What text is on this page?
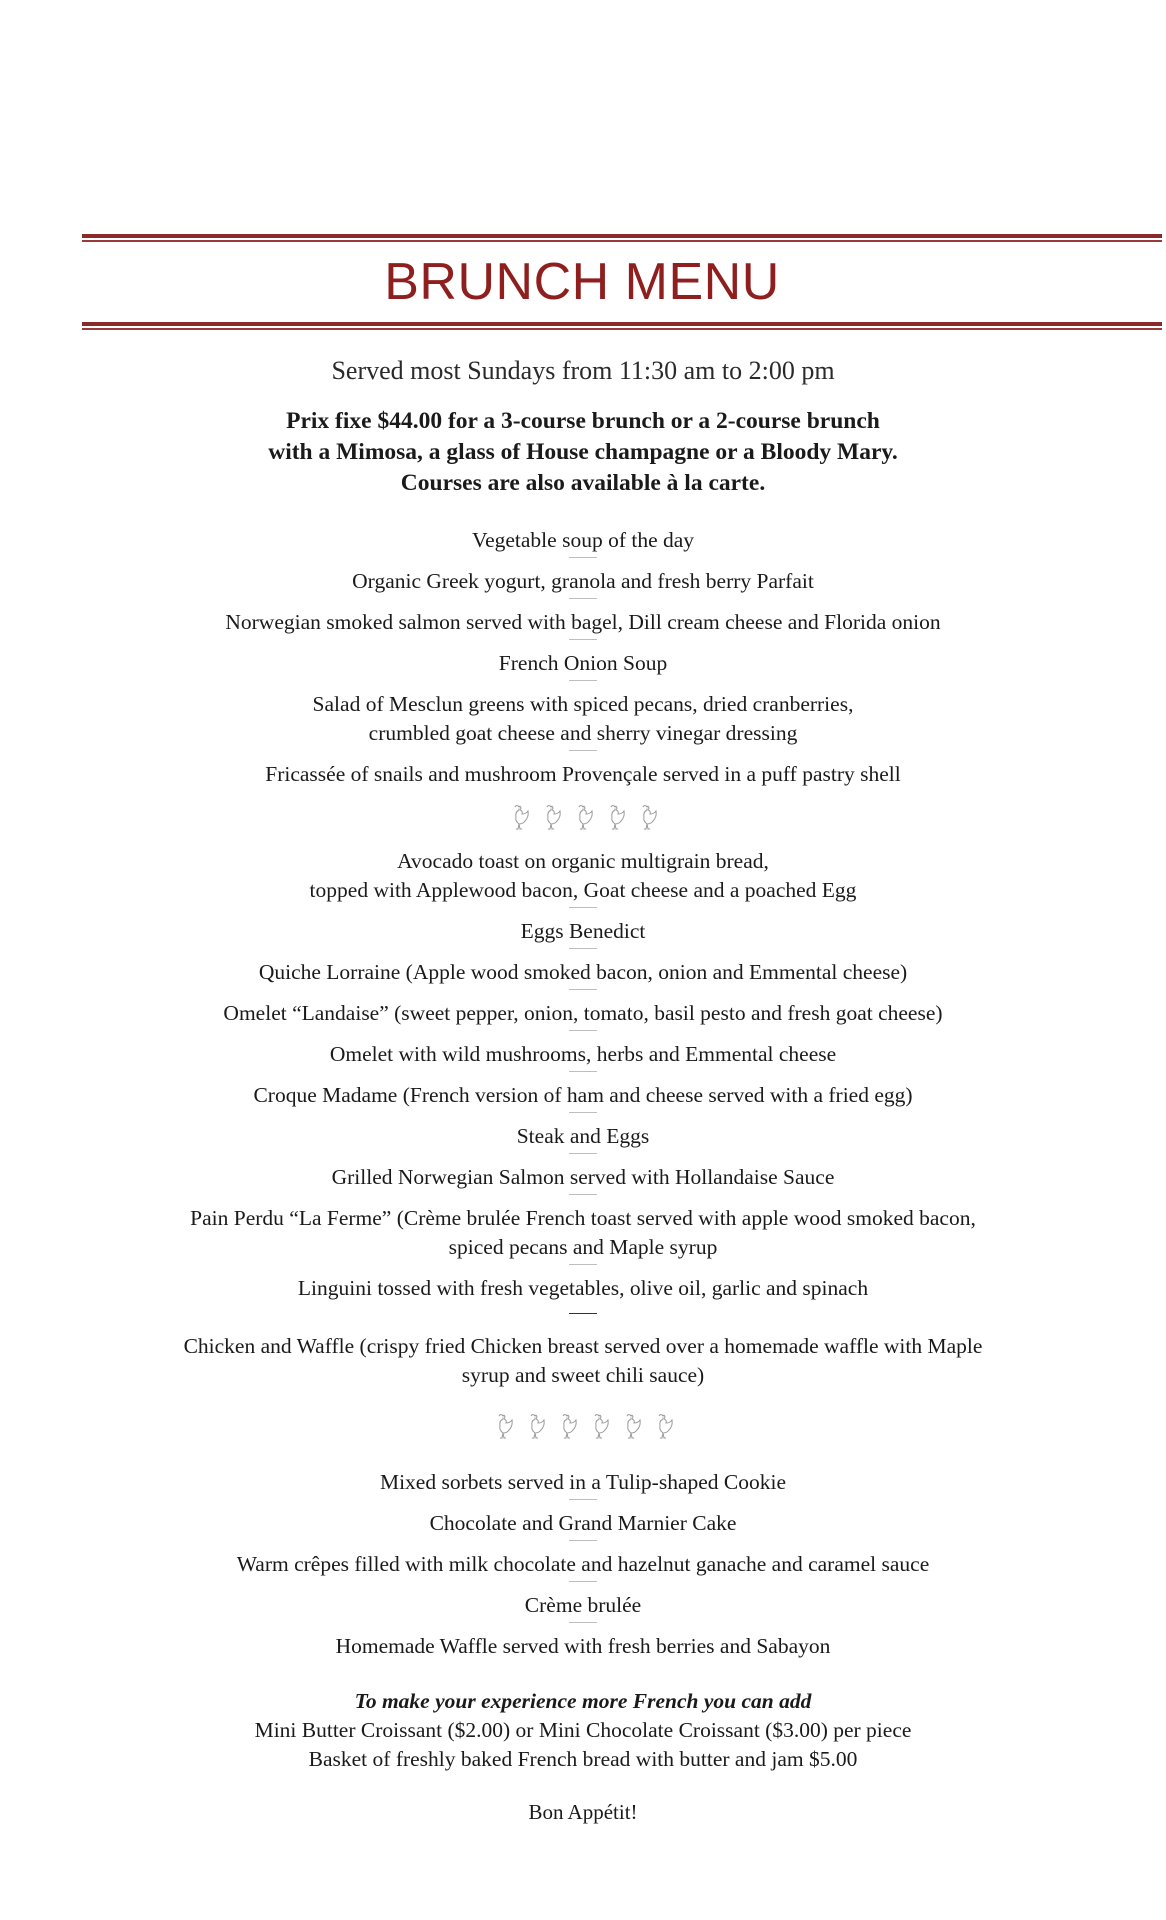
BRUNCH MENU
Served most Sundays from 11:30 am to 2:00 pm
Prix fixe $44.00 for a 3-course brunch or a 2-course brunch
with a Mimosa, a glass of House champagne or a Bloody Mary.
Courses are also available à la carte.
Vegetable soup of the day
Organic Greek yogurt, granola and fresh berry Parfait
Norwegian smoked salmon served with bagel, Dill cream cheese and Florida onion
French Onion Soup
Salad of Mesclun greens with spiced pecans, dried cranberries,
crumbled goat cheese and sherry vinegar dressing
Fricassée of snails and mushroom Provençale served in a puff pastry shell
Avocado toast on organic multigrain bread,
topped with Applewood bacon, Goat cheese and a poached Egg
Eggs Benedict
Quiche Lorraine (Apple wood smoked bacon, onion and Emmental cheese)
Omelet “Landaise” (sweet pepper, onion, tomato, basil pesto and fresh goat cheese)
Omelet with wild mushrooms, herbs and Emmental cheese
Croque Madame (French version of ham and cheese served with a fried egg)
Steak and Eggs
Grilled Norwegian Salmon served with Hollandaise Sauce
Pain Perdu “La Ferme” (Crème brulée French toast served with apple wood smoked bacon,
spiced pecans and Maple syrup
Linguini tossed with fresh vegetables, olive oil, garlic and spinach
Chicken and Waffle (crispy fried Chicken breast served over a homemade waffle with Maple
syrup and sweet chili sauce)
Mixed sorbets served in a Tulip-shaped Cookie
Chocolate and Grand Marnier Cake
Warm crêpes filled with milk chocolate and hazelnut ganache and caramel sauce
Crème brulée
Homemade Waffle served with fresh berries and Sabayon
To make your experience more French you can add
Mini Butter Croissant ($2.00) or Mini Chocolate Croissant ($3.00) per piece
Basket of freshly baked French bread with butter and jam $5.00
Bon Appétit!
